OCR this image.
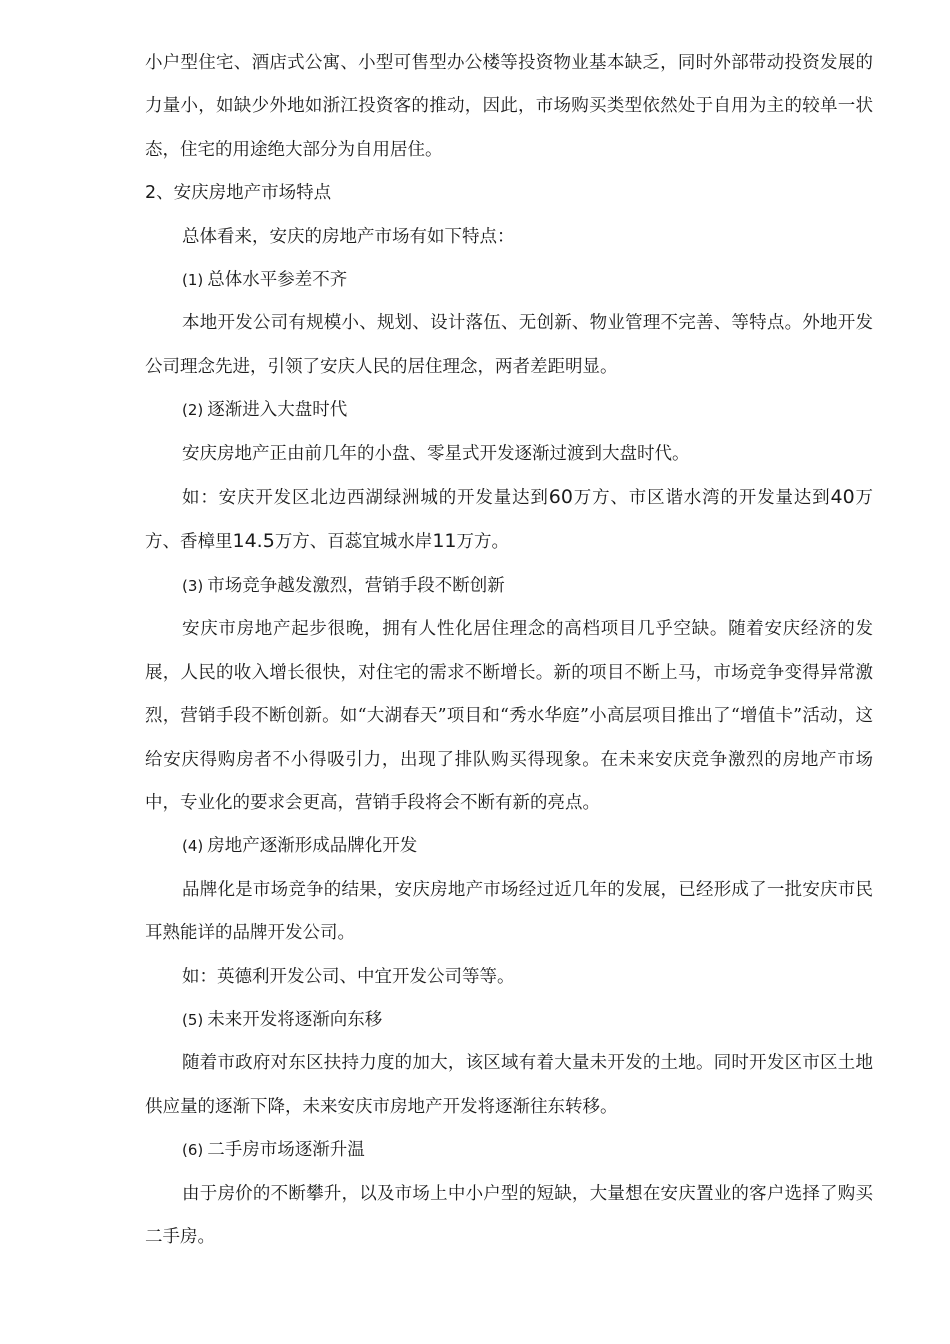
小户型住宅、酒店式公寓、小型可售型办公楼等投资物业基本缺乏，同时外部带动投资发展的力量小，如缺少外地如浙江投资客的推动，因此，市场购买类型依然处于自用为主的较单一状态，住宅的用途绝大部分为自用居住。

2、安庆房地产市场特点

总体看来，安庆的房地产市场有如下特点：

(1) 总体水平参差不齐

本地开发公司有规模小、规划、设计落伍、无创新、物业管理不完善、等特点。外地开发公司理念先进，引领了安庆人民的居住理念，两者差距明显。

(2) 逐渐进入大盘时代

安庆房地产正由前几年的小盘、零星式开发逐渐过渡到大盘时代。

如：安庆开发区北边西湖绿洲城的开发量达到60万方、市区谐水湾的开发量达到40万方、香樟里14.5万方、百蕊宜城水岸11万方。

(3) 市场竞争越发激烈，营销手段不断创新

安庆市房地产起步很晚，拥有人性化居住理念的高档项目几乎空缺。随着安庆经济的发展，人民的收入增长很快，对住宅的需求不断增长。新的项目不断上马，市场竞争变得异常激烈，营销手段不断创新。如“大湖春天”项目和“秀水华庭”小高层项目推出了“增值卡”活动，这给安庆得购房者不小得吸引力，出现了排队购买得现象。在未来安庆竞争激烈的房地产市场中，专业化的要求会更高，营销手段将会不断有新的亮点。

(4) 房地产逐渐形成品牌化开发

品牌化是市场竞争的结果，安庆房地产市场经过近几年的发展，已经形成了一批安庆市民耳熟能详的品牌开发公司。

如：英德利开发公司、中宜开发公司等等。

(5) 未来开发将逐渐向东移

随着市政府对东区扶持力度的加大，该区域有着大量未开发的土地。同时开发区市区土地供应量的逐渐下降，未来安庆市房地产开发将逐渐往东转移。

(6) 二手房市场逐渐升温

由于房价的不断攀升，以及市场上中小户型的短缺，大量想在安庆置业的客户选择了购买二手房。
